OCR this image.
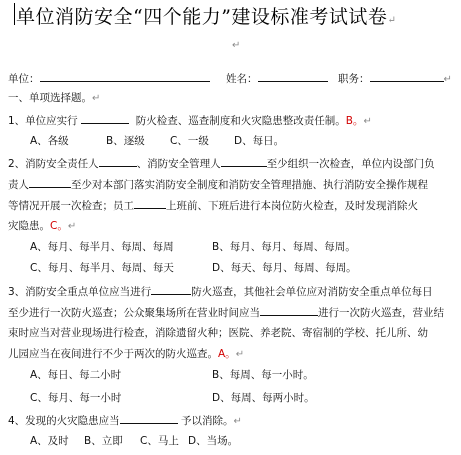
单位消防安全“四个能力”建设标准考试试卷↵
↵
单位：	姓名：	职务：	↵
一、单项选择题。↵
1、单位应实行	防火检查、巡查制度和火灾隐患整改责任制。B。↵
A、各级	B、逐级 C、一级 D、每日。
2、消防安全责任人	、消防安全管理人	至少组织一次检查，单位内设部门负
责人	至少对本部门落实消防安全制度和消防安全管理措施、执行消防安全操作规程
等情况开展一次检查；员工	上班前、下班后进行本岗位防火检查，及时发现消除火
灾隐患。C。↵
A、每月、每半月、每周、每周	B、每月、每月、每周、每周。
C、每月、每半月、每周、每天	D、每天、每月、每周、每周。
3、消防安全重点单位应当进行	防火巡查，其他社会单位应对消防安全重点单位每日
至少进行一次防火巡查；公众聚集场所在营业时间应当	进行一次防火巡查，营业结
束时应当对营业现场进行检查，消除遗留火种；医院、养老院、寄宿制的学校、托儿所、幼
儿园应当在夜间进行不少于两次的防火巡查。A。↵
A、每日、每二小时	B、每周、每一小时。
C、每月、每一小时	D、每周、每两小时。
4、发现的火灾隐患应当	予以消除。↵
A、及时 B、立即 C、马上 D、当场。
